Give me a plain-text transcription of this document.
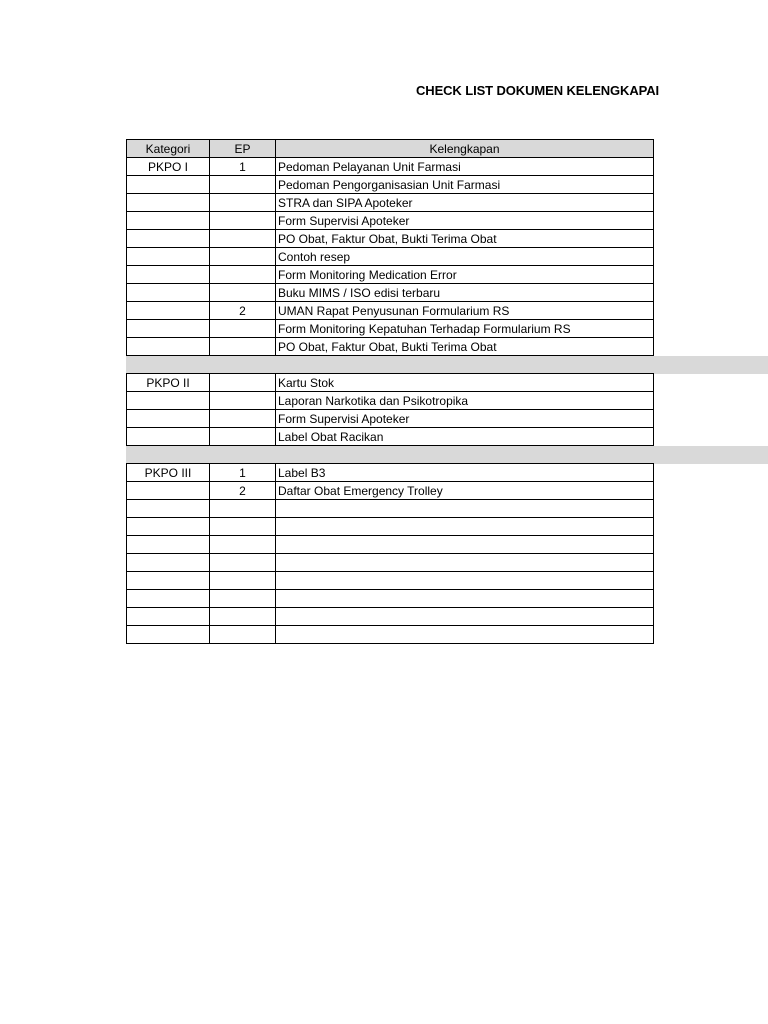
CHECK LIST DOKUMEN KELENGKAPAI
Kategori	EP	Kelengkapan
PKPO I	1	Pedoman Pelayanan Unit Farmasi
		Pedoman Pengorganisasian Unit Farmasi
		STRA dan SIPA Apoteker
		Form Supervisi Apoteker
		PO Obat, Faktur Obat, Bukti Terima Obat
		Contoh resep
		Form Monitoring Medication Error
		Buku MIMS / ISO edisi terbaru
	2	UMAN Rapat Penyusunan Formularium RS
		Form Monitoring Kepatuhan Terhadap Formularium RS
		PO Obat, Faktur Obat, Bukti Terima Obat

PKPO II		Kartu Stok
		Laporan Narkotika dan Psikotropika
		Form Supervisi Apoteker
		Label Obat Racikan

PKPO III	1	Label B3
	2	Daftar Obat Emergency Trolley
